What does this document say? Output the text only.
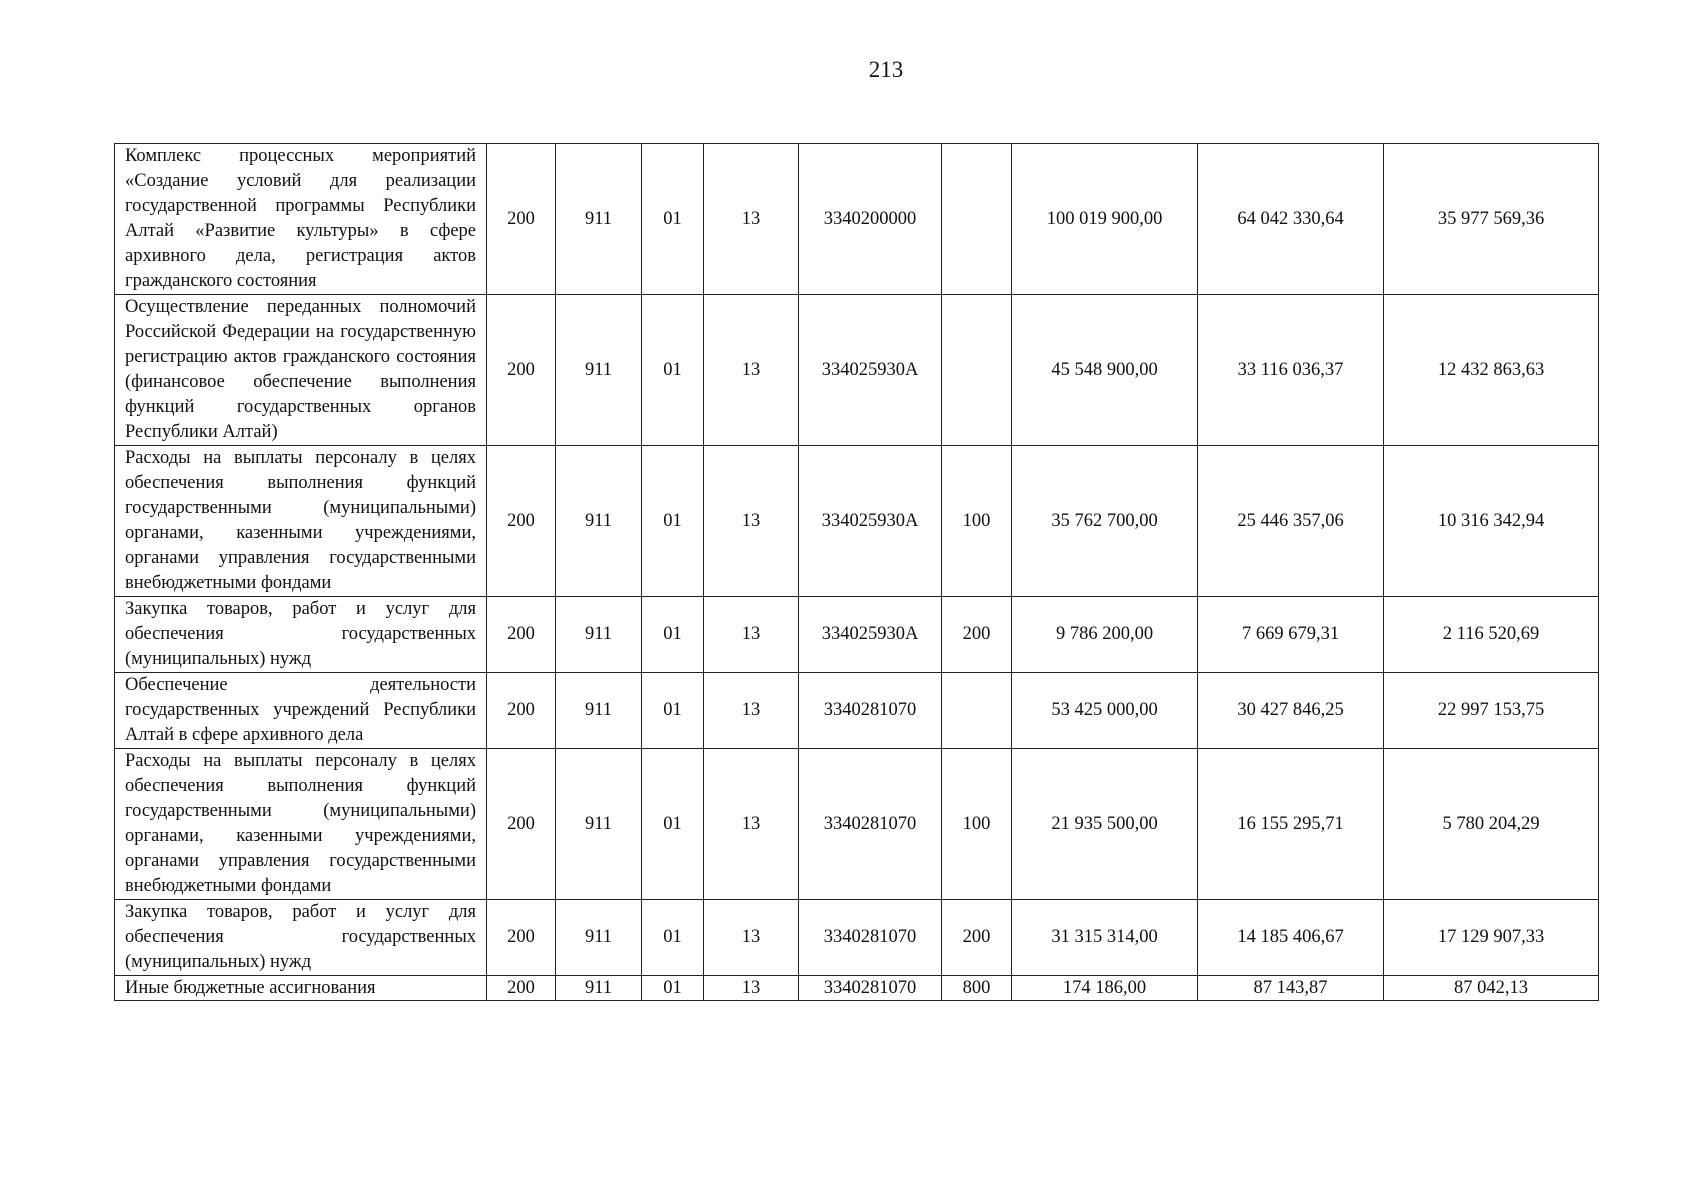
213
Комплекс процессных мероприятий «Создание условий для реализации государственной программы Республики Алтай «Развитие культуры» в сфере архивного дела, регистрация актов гражданского состояния	200	911	01	13	3340200000		100 019 900,00	64 042 330,64	35 977 569,36
Осуществление переданных полномочий Российской Федерации на государственную регистрацию актов гражданского состояния (финансовое обеспечение выполнения функций государственных органов Республики Алтай)	200	911	01	13	334025930А		45 548 900,00	33 116 036,37	12 432 863,63
Расходы на выплаты персоналу в целях обеспечения выполнения функций государственными (муниципальными) органами, казенными учреждениями, органами управления государственными внебюджетными фондами	200	911	01	13	334025930А	100	35 762 700,00	25 446 357,06	10 316 342,94
Закупка товаров, работ и услуг для обеспечения государственных (муниципальных) нужд	200	911	01	13	334025930А	200	9 786 200,00	7 669 679,31	2 116 520,69
Обеспечение деятельности государственных учреждений Республики Алтай в сфере архивного дела	200	911	01	13	3340281070		53 425 000,00	30 427 846,25	22 997 153,75
Расходы на выплаты персоналу в целях обеспечения выполнения функций государственными (муниципальными) органами, казенными учреждениями, органами управления государственными внебюджетными фондами	200	911	01	13	3340281070	100	21 935 500,00	16 155 295,71	5 780 204,29
Закупка товаров, работ и услуг для обеспечения государственных (муниципальных) нужд	200	911	01	13	3340281070	200	31 315 314,00	14 185 406,67	17 129 907,33
Иные бюджетные ассигнования	200	911	01	13	3340281070	800	174 186,00	87 143,87	87 042,13
